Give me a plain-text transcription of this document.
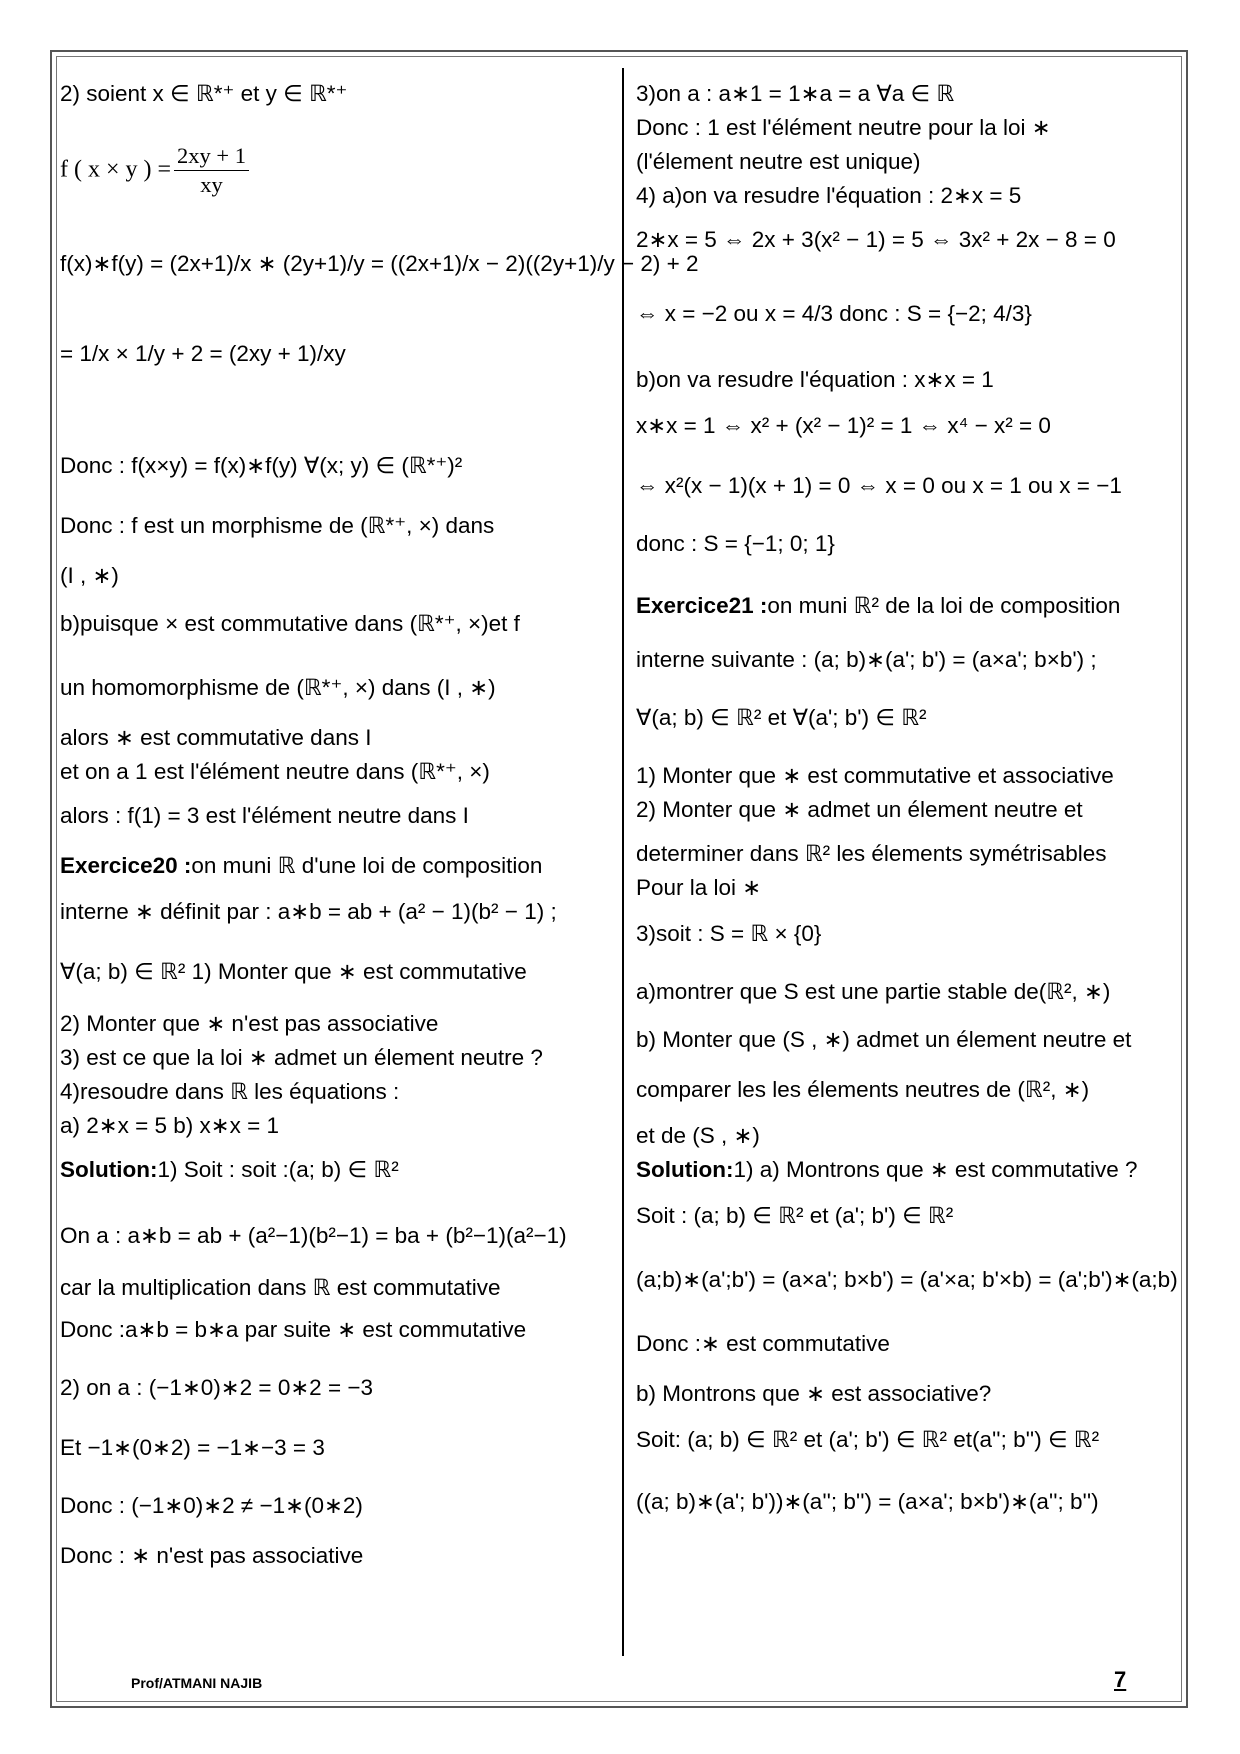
2) soient x ∈ ℝ*⁺ et y ∈ ℝ*⁺
f ( x × y ) = $\frac{2xy + 1}{xy}$
f(x)∗f(y) = (2x+1)/x ∗ (2y+1)/y = ((2x+1)/x − 2)((2y+1)/y − 2) + 2
= 1/x × 1/y + 2 = (2xy + 1)/xy
Donc : f(x×y) = f(x)∗f(y) ∀(x; y) ∈ (ℝ*⁺)²
Donc : f est un morphisme de (ℝ*⁺, ×) dans
(I , ∗)
b)puisque × est commutative dans (ℝ*⁺, ×)et f
un homomorphisme de (ℝ*⁺, ×) dans (I , ∗)
alors ∗ est commutative dans I
et on a 1 est l'élément neutre dans (ℝ*⁺, ×)
alors : f(1) = 3 est l'élément neutre dans I
Exercice20 :on muni ℝ d'une loi de composition
interne ∗ définit par : a∗b = ab + (a² − 1)(b² − 1) ;
∀(a; b) ∈ ℝ² 1) Monter que ∗ est commutative
2) Monter que ∗ n'est pas associative
3) est ce que la loi ∗ admet un élement neutre ?
4)resoudre dans ℝ les équations :
a) 2∗x = 5 b) x∗x = 1
Solution:1) Soit : soit :(a; b) ∈ ℝ²
On a : a∗b = ab + (a²−1)(b²−1) = ba + (b²−1)(a²−1)
car la multiplication dans ℝ est commutative
Donc :a∗b = b∗a par suite ∗ est commutative
2) on a : (−1∗0)∗2 = 0∗2 = −3
Et −1∗(0∗2) = −1∗−3 = 3
Donc : (−1∗0)∗2 ≠ −1∗(0∗2)
Donc : ∗ n'est pas associative
3)on a : a∗1 = 1∗a = a ∀a ∈ ℝ
Donc : 1 est l'élément neutre pour la loi ∗
(l'élement neutre est unique)
4) a)on va resudre l'équation : 2∗x = 5
2∗x = 5 ⇔ 2x + 3(x² − 1) = 5 ⇔ 3x² + 2x − 8 = 0
⇔ x = −2 ou x = 4/3 donc : S = {−2; 4/3}
b)on va resudre l'équation : x∗x = 1
x∗x = 1 ⇔ x² + (x² − 1)² = 1 ⇔ x⁴ − x² = 0
⇔ x²(x − 1)(x + 1) = 0 ⇔ x = 0 ou x = 1 ou x = −1
donc : S = {−1; 0; 1}
Exercice21 :on muni ℝ² de la loi de composition
interne suivante : (a; b)∗(a'; b') = (a×a'; b×b') ;
∀(a; b) ∈ ℝ² et ∀(a'; b') ∈ ℝ²
1) Monter que ∗ est commutative et associative
2) Monter que ∗ admet un élement neutre et
determiner dans ℝ² les élements symétrisables
Pour la loi ∗
3)soit : S = ℝ × {0}
a)montrer que S est une partie stable de(ℝ², ∗)
b) Monter que (S , ∗) admet un élement neutre et
comparer les les élements neutres de (ℝ², ∗)
et de (S , ∗)
Solution:1) a) Montrons que ∗ est commutative ?
Soit : (a; b) ∈ ℝ² et (a'; b') ∈ ℝ²
(a;b)∗(a';b') = (a×a'; b×b') = (a'×a; b'×b) = (a';b')∗(a;b)
Donc :∗ est commutative
b) Montrons que ∗ est associative?
Soit: (a; b) ∈ ℝ² et (a'; b') ∈ ℝ² et(a''; b'') ∈ ℝ²
((a; b)∗(a'; b'))∗(a''; b'') = (a×a'; b×b')∗(a''; b'')
Prof/ATMANI NAJIB	7
